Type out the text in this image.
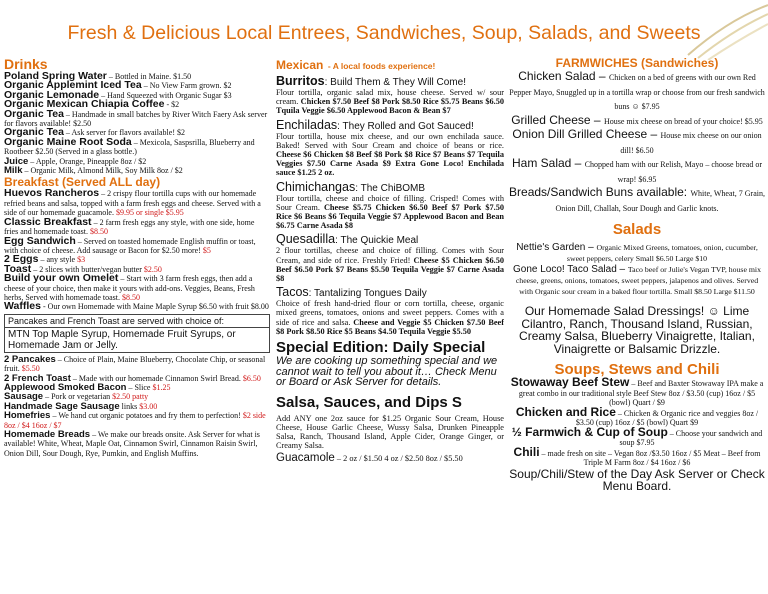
Fresh & Delicious Local Entrees, Sandwiches, Soup, Salads, and Sweets
Drinks

Poland Spring Water – Bottled in Maine. $1.50

Organic Applemint Iced Tea – No View Farm grown. $2

Organic Lemonade – Hand Squeezed with Organic Sugar $3

Organic Mexican Chiapia Coffee - $2

Organic Tea – Handmade in small batches by River Witch Faery Ask server for flavors available! $2.50

Organic Tea – Ask server for flavors available! $2

Organic Maine Root Soda – Mexicola, Saspsrilla, Blueberry and Rootbeer $2.50 (Served in a glass bottle.)

Juice – Apple, Orange, Pineapple 8oz / $2

Milk – Organic Milk, Almond Milk, Soy Milk 8oz / $2

Breakfast (Served ALL day)

Huevos Rancheros – 2 crispy flour tortilla cups with our homemade refried beans and salsa, topped with a farm fresh eggs and cheese. Served with a side of our homemade guacamole. $9.95 or single $5.95

Classic Breakfast – 2 farm fresh eggs any style, with one side, home fries and homemade toast. $8.50

Egg Sandwich – Served on toasted homemade English muffin or toast, with choice of cheese. Add sausage or Bacon for $2.50 more! $5

2 Eggs – any style $3

Toast – 2 slices with butter/vegan butter $2.50

Build your own Omelet – Start with 3 farm fresh eggs, then add a cheese of your choice, then make it yours with add-ons. Veggies, Beans, Fresh herbs, Served with homemade toast. $8.50

Waffles - Our own Homemade with Maine Maple Syrup $6.50 with fruit $8.00

Pancakes and French Toast are served with choice of:
MTN Top Maple Syrup, Homemade Fruit Syrups, or Homemade Jam or Jelly.

2 Pancakes – Choice of Plain, Maine Blueberry, Chocolate Chip, or seasonal fruit. $5.50

2 French Toast – Made with our homemade Cinnamon Swirl Bread. $6.50

Applewood Smoked Bacon – Slice $1.25

Sausage – Pork or vegetarian $2.50 patty

Handmade Sage Sausage links $3.00

Homefries – We hand cut organic potatoes and fry them to perfection! $2 side 8oz / $4 16oz / $7

Homemade Breads – We make our breads onsite. Ask Server for what is available! White, Wheat, Maple Oat, Cinnamon Swirl, Cinnamon Raisin Swirl, Onion Dill, Sour Dough, Rye, Pumkin, and English Muffins.

Mexican - A local foods experience!
Burritos: Build Them & They Will Come!
Flour tortilla, organic salad mix, house cheese. Served w/ sour cream. Chicken $7.50 Beef $8 Pork $8.50 Rice $5.75 Beans $6.50 Tquila Veggie $6.50 Applewood Bacon & Bean $7
Enchiladas: They Rolled and Got Sauced!
Flour tortilla, house mix cheese, and our own enchilada sauce. Baked! Served with Sour Cream and choice of beans or rice. Cheese $6 Chicken $8 Beef $8 Pork $8 Rice $7 Beans $7 Tequila Veggies $7.50 Carne Asada $9 Extra Gone Loco! Enchilada sauce $1.25 2 oz.
Chimichangas: The ChiBOMB
Flour tortilla, cheese and choice of filling. Crisped! Comes with Sour Cream. Cheese $5.75 Chicken $6.50 Beef $7 Pork $7.50 Rice $6 Beans $6 Tequila Veggie $7 Applewood Bacon and Bean $6.75 Carne Asada $8
Quesadilla: The Quickie Meal
2 flour tortillas, cheese and choice of filling. Comes with Sour Cream, and side of rice. Freshly Fried! Cheese $5 Chicken $6.50 Beef $6.50 Pork $7 Beans $5.50 Tequila Veggie $7 Carne Asada $8
Tacos: Tantalizing Tongues Daily
Choice of fresh hand-dried flour or corn tortilla, cheese, organic mixed greens, tomatoes, onions and sweet peppers. Comes with a side of rice and salsa. Cheese and Veggie $5 Chicken $7.50 Beef $8 Pork $8.50 Rice $5 Beans $4.50 Tequila Veggie $5.50
Special Edition: Daily Special
We are cooking up something special and we cannot wait to tell you about it… Check Menu or Board or Ask Server for details.
Salsa, Sauces, and Dips S
Add ANY one 2oz sauce for $1.25 Organic Sour Cream, House Cheese, House Garlic Cheese, Wussy Salsa, Drunken Pineapple Salsa, Ranch, Thousand Island, Apple Cider, Orange Ginger, or Creamy Salsa.
Guacamole – 2 oz / $1.50 4 oz / $2.50 8oz / $5.50
FARMWICHES (Sandwiches)
Chicken Salad – Chicken on a bed of greens with our own Red Pepper Mayo, Snuggled up in a tortilla wrap or choose from our fresh sandwich buns ☺ $7.95
Grilled Cheese – House mix cheese on bread of your choice! $5.95
Onion Dill Grilled Cheese – House mix cheese on our onion dill! $6.50
Ham Salad – Chopped ham with our Relish, Mayo – choose bread or wrap! $6.95
Breads/Sandwich Buns available: White, Wheat, 7 Grain, Onion Dill, Challah, Sour Dough and Garlic knots.
Salads
Nettie's Garden – Organic Mixed Greens, tomatoes, onion, cucumber, sweet peppers, celery Small $6.50 Large $10
Gone Loco! Taco Salad – Taco beef or Julie's Vegan TVP, house mix cheese, greens, onions, tomatoes, sweet peppers, jalapenos and olives. Served with Organic sour cream in a baked flour tortilla. Small $8.50 Large $11.50
Our Homemade Salad Dressings! ☺ Lime Cilantro, Ranch, Thousand Island, Russian, Creamy Salsa, Blueberry Vinaigrette, Italian, Vinaigrette or Balsamic Drizzle.
Soups, Stews and Chili
Stowaway Beef Stew – Beef and Baxter Stowaway IPA make a great combo in our traditional style Beef Stew 8oz / $3.50 (cup) 16oz / $5 (bowl) Quart / $9
Chicken and Rice – Chicken & Organic rice and veggies 8oz / $3.50 (cup) 16oz / $5 (bowl) Quart $9
½ Farmwich & Cup of Soup – Choose your sandwich and soup $7.95
Chili – made fresh on site – Vegan 8oz /$3.50 16oz / $5 Meat – Beef from Triple M Farm 8oz / $4 16oz / $6
Soup/Chili/Stew of the Day Ask Server or Check Menu Board.
